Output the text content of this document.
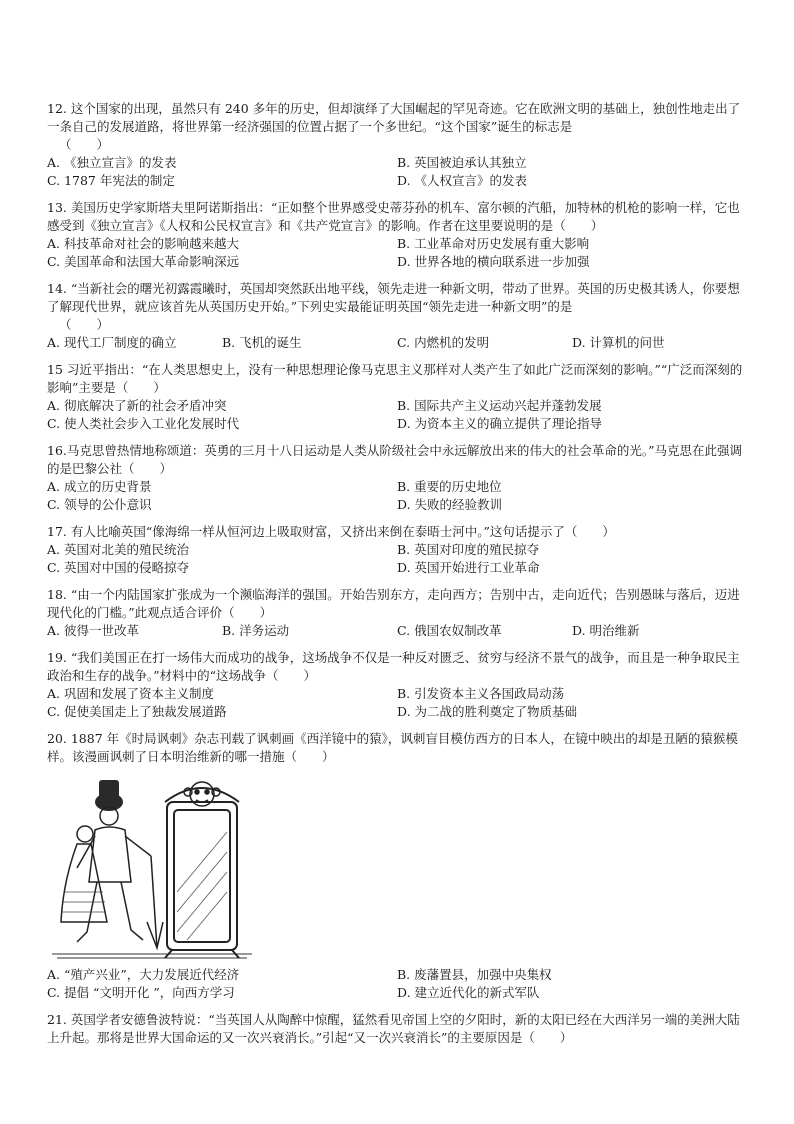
12. 这个国家的出现，虽然只有 240 多年的历史，但却演绎了大国崛起的罕见奇迹。它在欧洲文明的基础上，独创性地走出了一条自己的发展道路，将世界第一经济强国的位置占据了一个多世纪。“这个国家”诞生的标志是

（　　）

A. 《独立宣言》的发表	B. 英国被迫承认其独立
C. 1787 年宪法的制定	D. 《人权宣言》的发表

13. 美国历史学家斯塔夫里阿诺斯指出：“正如整个世界感受史蒂芬孙的机车、富尔顿的汽船，加特林的机枪的影响一样，它也感受到《独立宣言》《人权和公民权宣言》和《共产党宣言》的影响。作者在这里要说明的是（　　）

A. 科技革命对社会的影响越来越大	B. 工业革命对历史发展有重大影响
C. 美国革命和法国大革命影响深远	D. 世界各地的横向联系进一步加强

14. “当新社会的曙光初露霞曦时，英国却突然跃出地平线，领先走进一种新文明，带动了世界。英国的历史极其诱人，你要想了解现代世界，就应该首先从英国历史开始。”下列史实最能证明英国“领先走进一种新文明”的是

（　　）

A. 现代工厂制度的确立	B. 飞机的诞生	C. 内燃机的发明	D. 计算机的问世

15 习近平指出：“在人类思想史上，没有一种思想理论像马克思主义那样对人类产生了如此广泛而深刻的影响。”“广泛而深刻的影响”主要是（　　）

A. 彻底解决了新的社会矛盾冲突	B. 国际共产主义运动兴起并蓬勃发展
C. 使人类社会步入工业化发展时代	D. 为资本主义的确立提供了理论指导

16.马克思曾热情地称颂道：英勇的三月十八日运动是人类从阶级社会中永远解放出来的伟大的社会革命的光。”马克思在此强调的是巴黎公社（　　）

A. 成立的历史背景	B. 重要的历史地位
C. 领导的公仆意识	D. 失败的经验教训

17. 有人比喻英国“像海绵一样从恒河边上吸取财富，又挤出来倒在泰晤士河中。”这句话提示了（　　）

A. 英国对北美的殖民统治	B. 英国对印度的殖民掠夺
C. 英国对中国的侵略掠夺	D. 英国开始进行工业革命

18. “由一个内陆国家扩张成为一个濒临海洋的强国。开始告别东方，走向西方；告别中古，走向近代；告别愚昧与落后，迈进现代化的门槛。”此观点适合评价（　　）

A. 彼得一世改革	B. 洋务运动	C. 俄国农奴制改革	D. 明治维新

19. “我们美国正在打一场伟大而成功的战争，这场战争不仅是一种反对匮乏、贫穷与经济不景气的战争，而且是一种争取民主政治和生存的战争。”材料中的“这场战争（　　）

A. 巩固和发展了资本主义制度	B. 引发资本主义各国政局动荡
C. 促使美国走上了独裁发展道路	D. 为二战的胜利奠定了物质基础

20. 1887 年《时局讽刺》杂志刊载了讽刺画《西洋镜中的猿》，讽刺盲目模仿西方的日本人，在镜中映出的却是丑陋的猿猴模样。该漫画讽刺了日本明治维新的哪一措施（　　）

A. “殖产兴业”，大力发展近代经济	B. 废藩置县，加强中央集权
C. 提倡 “文明开化 ”，向西方学习	D. 建立近代化的新式军队

21. 英国学者安德鲁波特说：“当英国人从陶醉中惊醒，猛然看见帝国上空的夕阳时，新的太阳已经在大西洋另一端的美洲大陆上升起。那将是世界大国命运的又一次兴衰消长。”引起“又一次兴衰消长”的主要原因是（　　）
